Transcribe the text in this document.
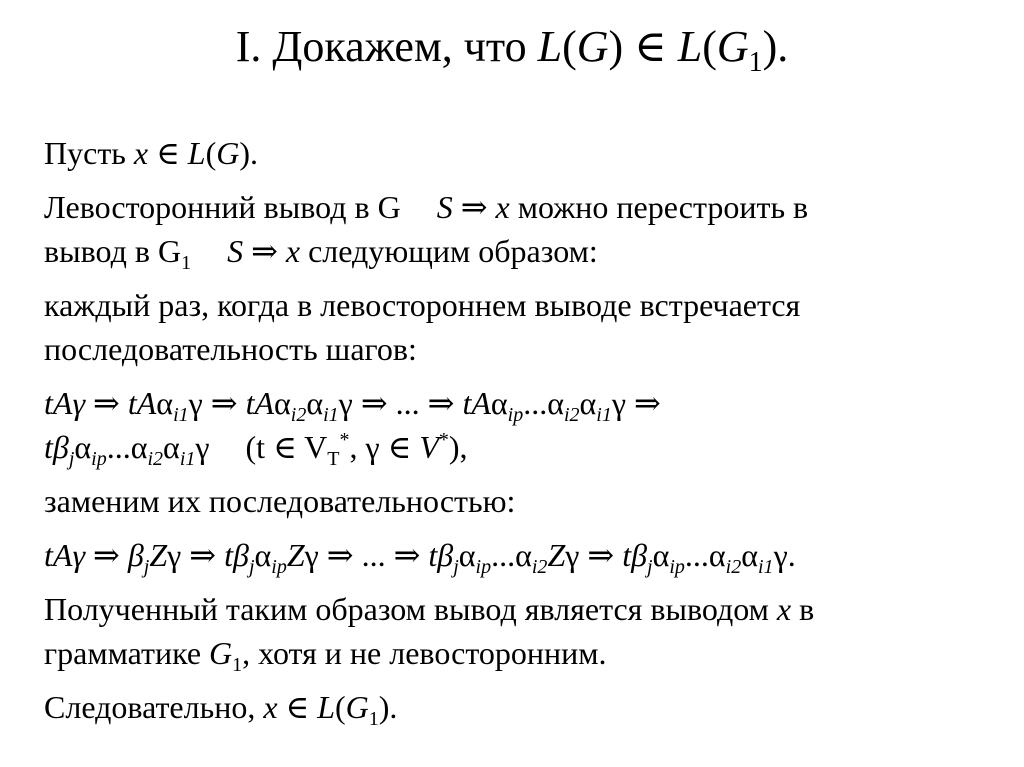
I. Докажем, что L(G) ∈ $L(G_1)$.
Пусть x ∈ L(G).
Левосторонний вывод в G S ⇒ x можно перестроить в
вывод в $G_1$ S ⇒ x следующим образом:
каждый раз, когда в левостороннем выводе встречается
последовательность шагов:
tAγ ⇒ tAα$_{i1}$γ ⇒ $tA\alpha_{i2}\alpha_{i1}\gamma$ ⇒ ... ⇒ $tA\alpha_{ip}...\alpha_{i2}\alpha_{i1}\gamma$ ⇒
$t\beta_j\alpha_{ip}...\alpha_{i2}\alpha_{i1}\gamma$ (t ∈ $V_T^*$, γ ∈ V*),
заменим их последовательностью:
tAγ ⇒ $\beta_jZ\gamma$ ⇒ $t\beta_j\alpha_{ip}Z\gamma$ ⇒ ... ⇒ $t\beta_j\alpha_{ip}...\alpha_{i2}Z\gamma$ ⇒ $t\beta_j\alpha_{ip}...\alpha_{i2}\alpha_{i1}\gamma$.
Полученный таким образом вывод является выводом x в
грамматике $G_1$, хотя и не левосторонним.
Следовательно, x ∈ $L(G_1)$.
